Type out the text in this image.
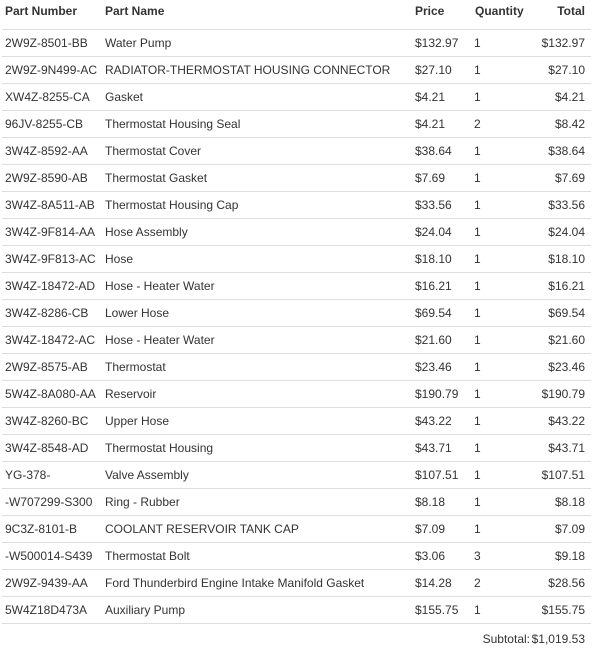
Part Number	Part Name	Price	Quantity	Total
2W9Z-8501-BB	Water Pump	$132.97	1	$132.97
2W9Z-9N499-AC	RADIATOR-THERMOSTAT HOUSING CONNECTOR	$27.10	1	$27.10
XW4Z-8255-CA	Gasket	$4.21	1	$4.21
96JV-8255-CB	Thermostat Housing Seal	$4.21	2	$8.42
3W4Z-8592-AA	Thermostat Cover	$38.64	1	$38.64
2W9Z-8590-AB	Thermostat Gasket	$7.69	1	$7.69
3W4Z-8A511-AB	Thermostat Housing Cap	$33.56	1	$33.56
3W4Z-9F814-AA	Hose Assembly	$24.04	1	$24.04
3W4Z-9F813-AC	Hose	$18.10	1	$18.10
3W4Z-18472-AD	Hose - Heater Water	$16.21	1	$16.21
3W4Z-8286-CB	Lower Hose	$69.54	1	$69.54
3W4Z-18472-AC	Hose - Heater Water	$21.60	1	$21.60
2W9Z-8575-AB	Thermostat	$23.46	1	$23.46
5W4Z-8A080-AA	Reservoir	$190.79	1	$190.79
3W4Z-8260-BC	Upper Hose	$43.22	1	$43.22
3W4Z-8548-AD	Thermostat Housing	$43.71	1	$43.71
YG-378-	Valve Assembly	$107.51	1	$107.51
-W707299-S300	Ring - Rubber	$8.18	1	$8.18
9C3Z-8101-B	COOLANT RESERVOIR TANK CAP	$7.09	1	$7.09
-W500014-S439	Thermostat Bolt	$3.06	3	$9.18
2W9Z-9439-AA	Ford Thunderbird Engine Intake Manifold Gasket	$14.28	2	$28.56
5W4Z18D473A	Auxiliary Pump	$155.75	1	$155.75
		Subtotal:		$1,019.53
